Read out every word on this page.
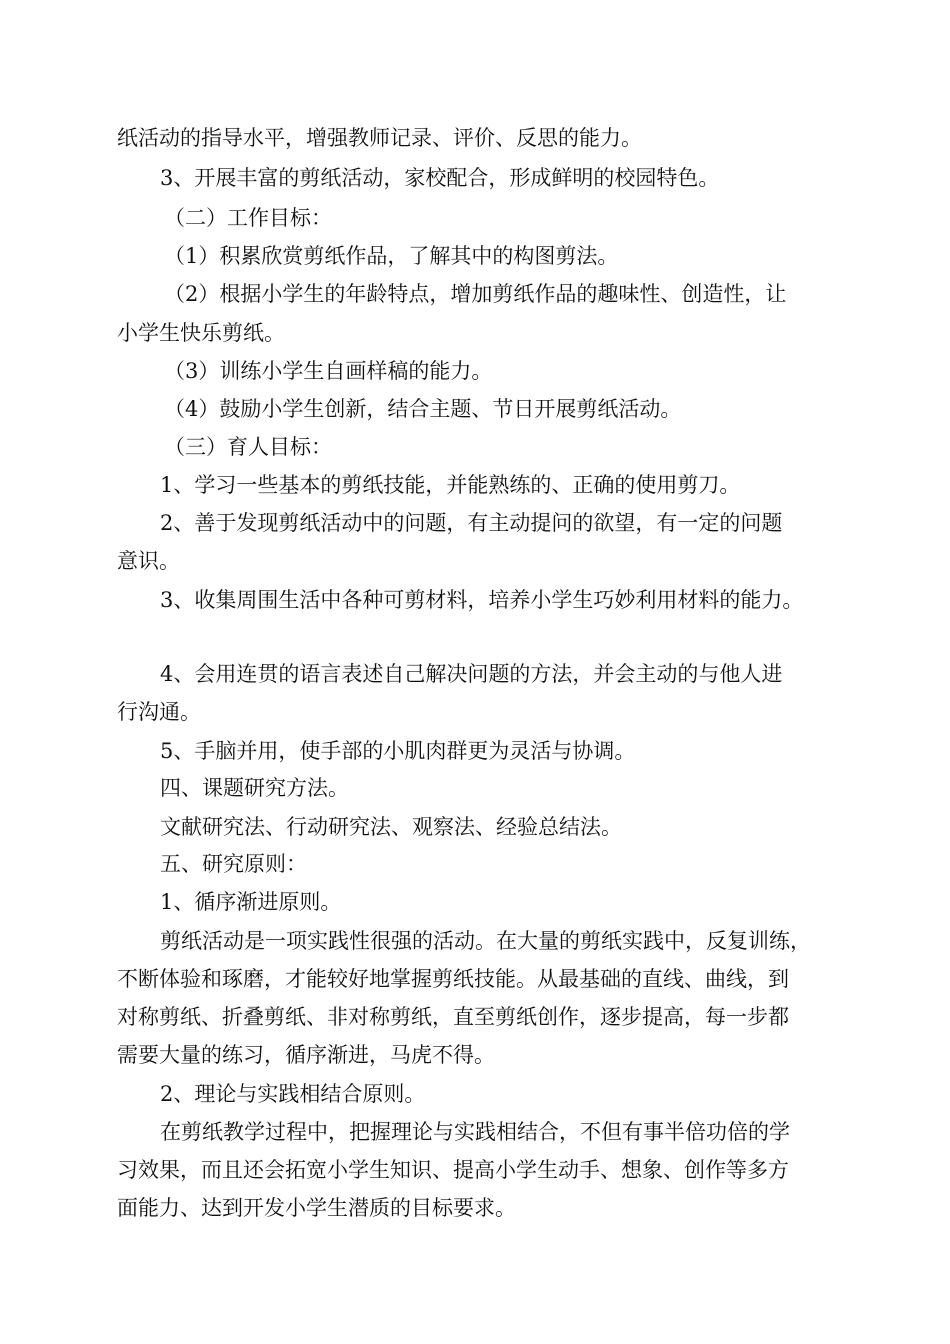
纸活动的指导水平，增强教师记录、评价、反思的能力。
3、开展丰富的剪纸活动，家校配合，形成鲜明的校园特色。
（二）工作目标：
（1）积累欣赏剪纸作品，了解其中的构图剪法。
（2）根据小学生的年龄特点，增加剪纸作品的趣味性、创造性，让
小学生快乐剪纸。
（3）训练小学生自画样稿的能力。
（4）鼓励小学生创新，结合主题、节日开展剪纸活动。
（三）育人目标：
1、学习一些基本的剪纸技能，并能熟练的、正确的使用剪刀。
2、善于发现剪纸活动中的问题，有主动提问的欲望，有一定的问题
意识。
3、收集周围生活中各种可剪材料，培养小学生巧妙利用材料的能力。
4、会用连贯的语言表述自己解决问题的方法，并会主动的与他人进
行沟通。
5、手脑并用，使手部的小肌肉群更为灵活与协调。
四、课题研究方法。
文献研究法、行动研究法、观察法、经验总结法。
五、研究原则：
1、循序渐进原则。
剪纸活动是一项实践性很强的活动。在大量的剪纸实践中，反复训练，
不断体验和琢磨，才能较好地掌握剪纸技能。从最基础的直线、曲线，到
对称剪纸、折叠剪纸、非对称剪纸，直至剪纸创作，逐步提高，每一步都
需要大量的练习，循序渐进，马虎不得。
2、理论与实践相结合原则。
在剪纸教学过程中，把握理论与实践相结合，不但有事半倍功倍的学
习效果，而且还会拓宽小学生知识、提高小学生动手、想象、创作等多方
面能力、达到开发小学生潜质的目标要求。
